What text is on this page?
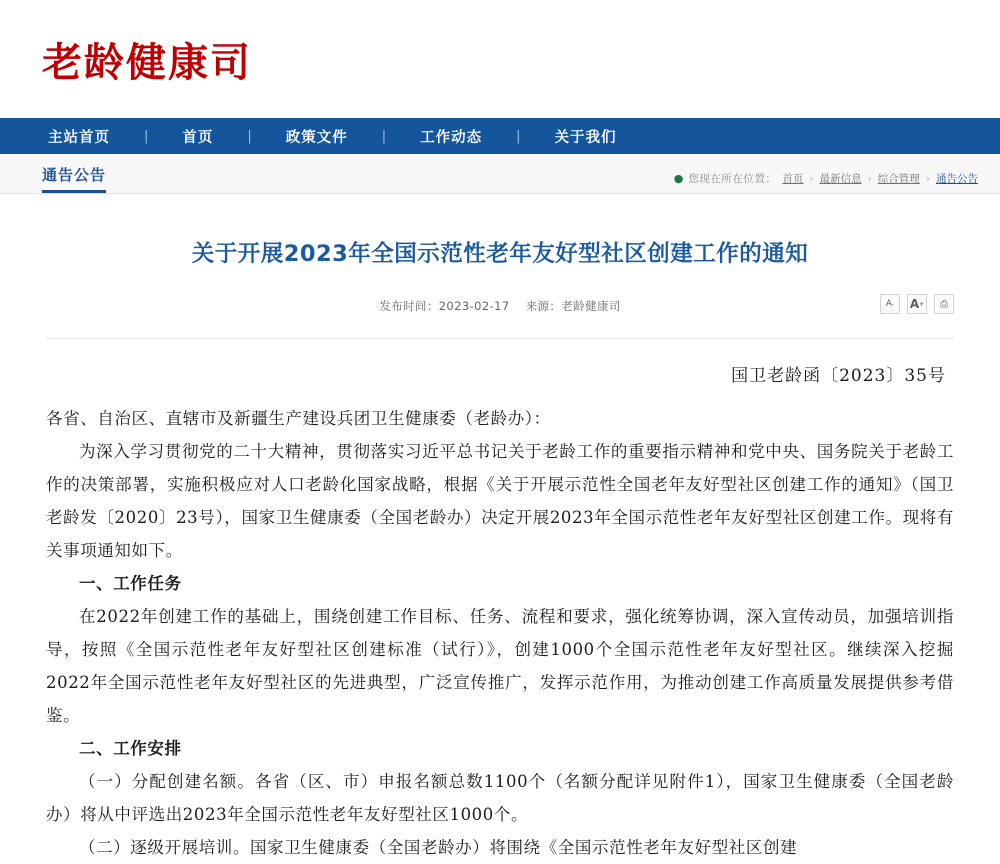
老龄健康司
主站首页	|	首页	|	政策文件	|	工作动态	|	关于我们
通告公告	● 您现在所在位置： 首页 › 最新信息 › 综合管理 › 通告公告
关于开展2023年全国示范性老年友好型社区创建工作的通知
发布时间：2023-02-17 来源：老龄健康司	A - A + ⎙
国卫老龄函〔2023〕35号

各省、自治区、直辖市及新疆生产建设兵团卫生健康委（老龄办）：

为深入学习贯彻党的二十大精神，贯彻落实习近平总书记关于老龄工作的重要指示精神和党中央、国务院关于老龄工作的决策部署，实施积极应对人口老龄化国家战略，根据《关于开展示范性全国老年友好型社区创建工作的通知》（国卫老龄发〔2020〕23号），国家卫生健康委（全国老龄办）决定开展2023年全国示范性老年友好型社区创建工作。现将有关事项通知如下。

一、工作任务

在2022年创建工作的基础上，围绕创建工作目标、任务、流程和要求，强化统筹协调，深入宣传动员，加强培训指导，按照《全国示范性老年友好型社区创建标准（试行）》，创建1000个全国示范性老年友好型社区。继续深入挖掘2022年全国示范性老年友好型社区的先进典型，广泛宣传推广，发挥示范作用，为推动创建工作高质量发展提供参考借鉴。

二、工作安排

（一）分配创建名额。各省（区、市）申报名额总数1100个（名额分配详见附件1），国家卫生健康委（全国老龄办）将从中评选出2023年全国示范性老年友好型社区1000个。

（二）逐级开展培训。国家卫生健康委（全国老龄办）将围绕《全国示范性老年友好型社区创建
